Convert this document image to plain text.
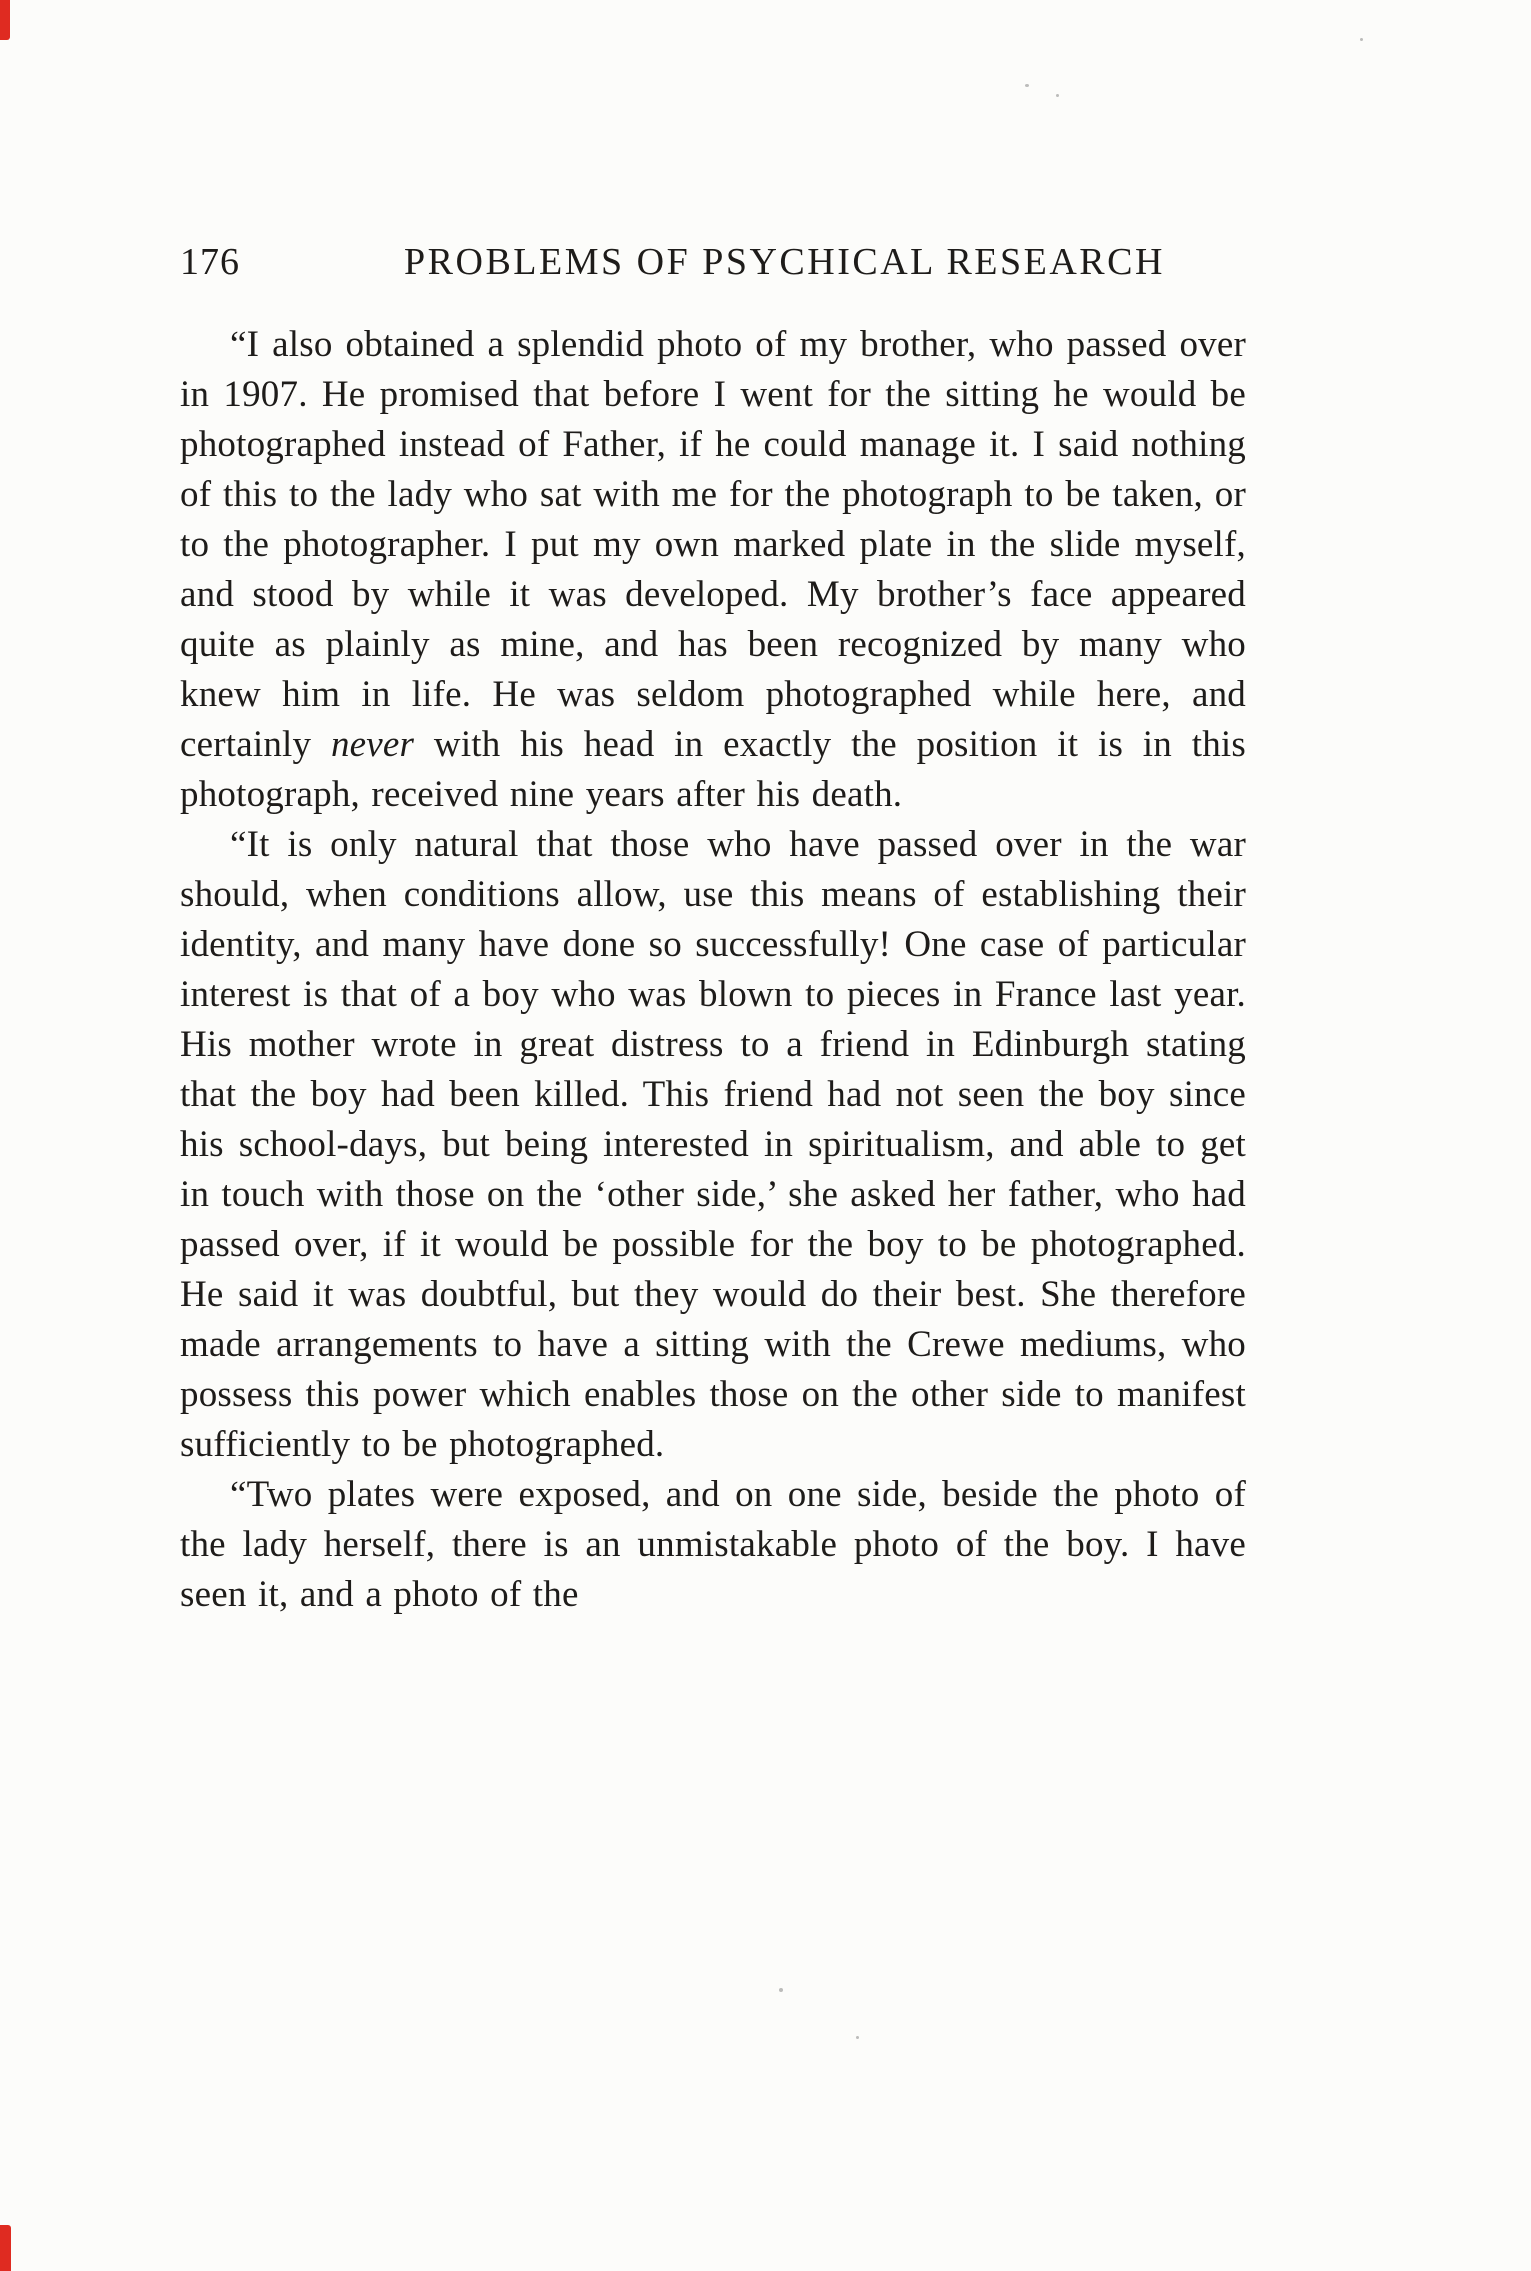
176	PROBLEMS OF PSYCHICAL RESEARCH

“I also obtained a splendid photo of my brother, who passed over in 1907. He promised that before I went for the sitting he would be photographed instead of Father, if he could manage it. I said nothing of this to the lady who sat with me for the photograph to be taken, or to the photographer. I put my own marked plate in the slide myself, and stood by while it was developed. My brother’s face appeared quite as plainly as mine, and has been recognized by many who knew him in life. He was seldom photographed while here, and certainly never with his head in exactly the position it is in this photograph, received nine years after his death.

“It is only natural that those who have passed over in the war should, when conditions allow, use this means of establishing their identity, and many have done so successfully! One case of particular interest is that of a boy who was blown to pieces in France last year. His mother wrote in great distress to a friend in Edinburgh stating that the boy had been killed. This friend had not seen the boy since his school-days, but being interested in spiritualism, and able to get in touch with those on the ‘other side,’ she asked her father, who had passed over, if it would be possible for the boy to be photographed. He said it was doubtful, but they would do their best. She therefore made arrangements to have a sitting with the Crewe mediums, who possess this power which enables those on the other side to manifest sufficiently to be photographed.

“Two plates were exposed, and on one side, beside the photo of the lady herself, there is an unmistakable photo of the boy. I have seen it, and a photo of the
